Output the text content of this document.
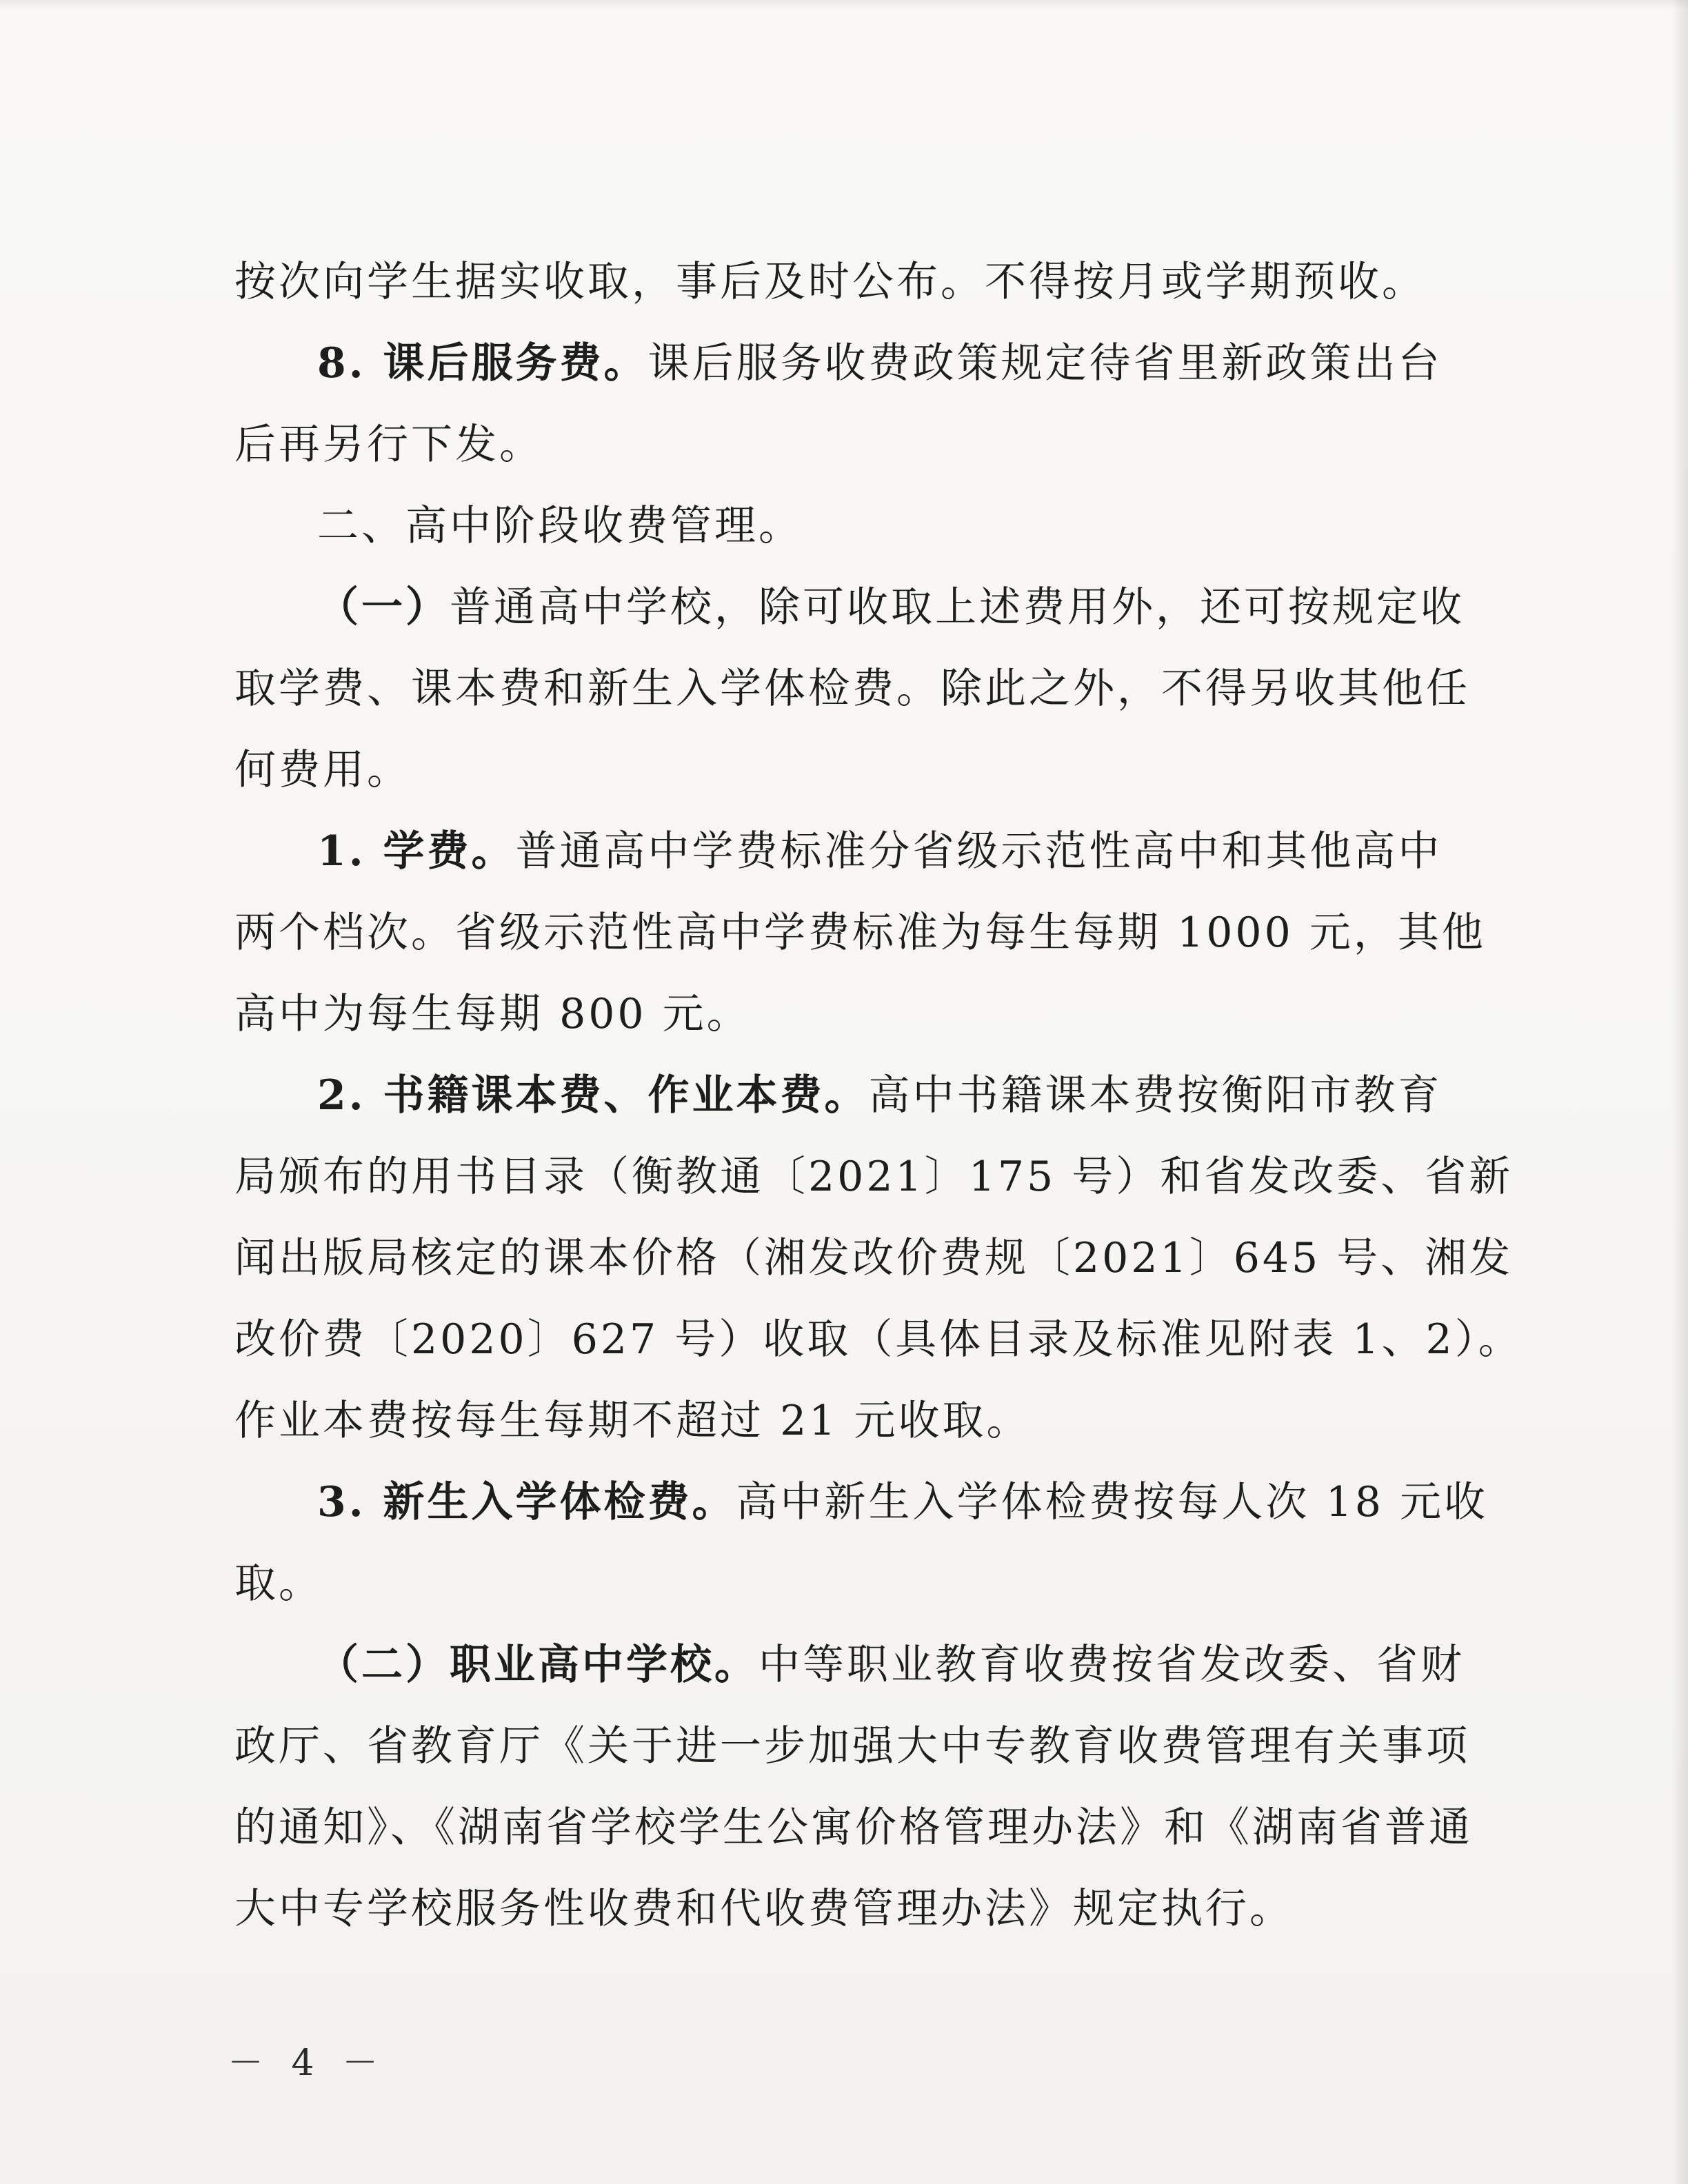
按次向学生据实收取，事后及时公布。不得按月或学期预收。

8. 课后服务费。课后服务收费政策规定待省里新政策出台

后再另行下发。

二、高中阶段收费管理。

（一）普通高中学校，除可收取上述费用外，还可按规定收

取学费、课本费和新生入学体检费。除此之外，不得另收其他任

何费用。

1. 学费。普通高中学费标准分省级示范性高中和其他高中

两个档次。省级示范性高中学费标准为每生每期 1000 元，其他

高中为每生每期 800 元。

2. 书籍课本费、作业本费。高中书籍课本费按衡阳市教育

局颁布的用书目录（衡教通〔2021〕175 号）和省发改委、省新

闻出版局核定的课本价格（湘发改价费规〔2021〕645 号、湘发

改价费〔2020〕627 号）收取（具体目录及标准见附表 1、2）。

作业本费按每生每期不超过 21 元收取。

3. 新生入学体检费。高中新生入学体检费按每人次 18 元收

取。

（二）职业高中学校。中等职业教育收费按省发改委、省财

政厅、省教育厅《关于进一步加强大中专教育收费管理有关事项

的通知》、《湖南省学校学生公寓价格管理办法》和《湖南省普通

大中专学校服务性收费和代收费管理办法》规定执行。

－ 4 －
